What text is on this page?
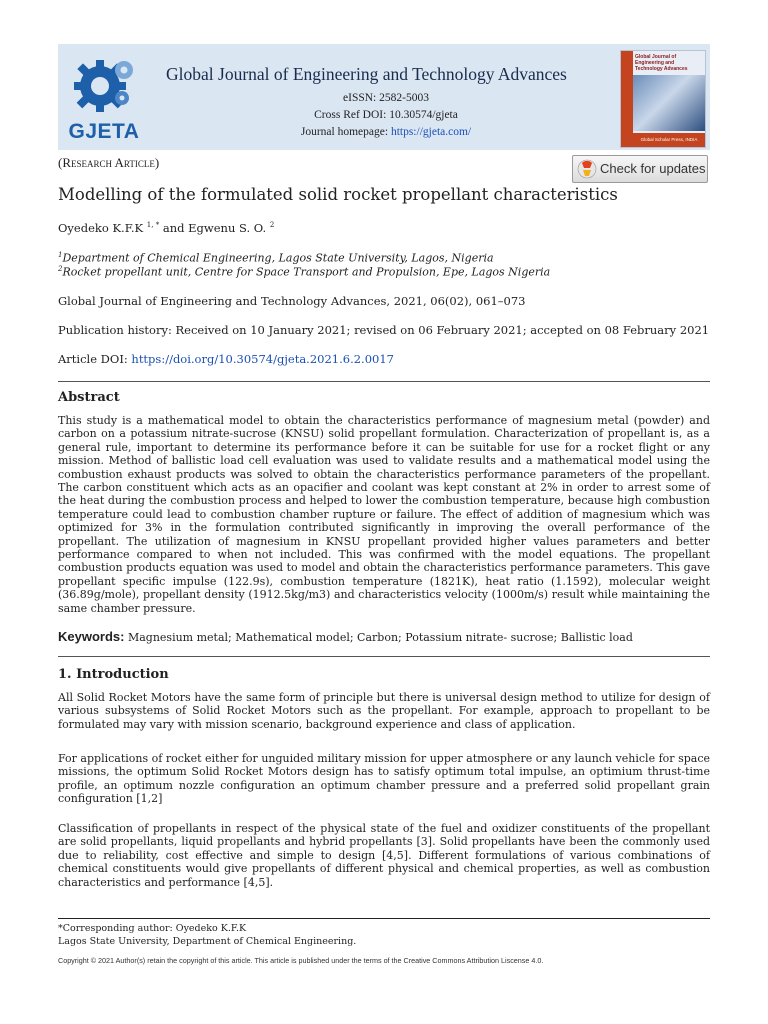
GJETA
Global Journal of Engineering and Technology Advances
eISSN: 2582-5003
Cross Ref DOI: 10.30574/gjeta
Journal homepage: https://gjeta.com/
Global Journal of Engineering and Technology Advances
Global Scholar Press, INDIA
(Research Article)	Check for updates
Modelling of the formulated solid rocket propellant characteristics
Oyedeko K.F.K $^{1, *}$ and Egwenu S. O. $^2$
$^1$Department of Chemical Engineering, Lagos State University, Lagos, Nigeria
$^2$Rocket propellant unit, Centre for Space Transport and Propulsion, Epe, Lagos Nigeria
Global Journal of Engineering and Technology Advances, 2021, 06(02), 061–073
Publication history: Received on 10 January 2021; revised on 06 February 2021; accepted on 08 February 2021
Article DOI: https://doi.org/10.30574/gjeta.2021.6.2.0017
Abstract
This study is a mathematical model to obtain the characteristics performance of magnesium metal (powder) and carbon on a potassium nitrate-sucrose (KNSU) solid propellant formulation. Characterization of propellant is, as a general rule, important to determine its performance before it can be suitable for use for a rocket flight or any mission. Method of ballistic load cell evaluation was used to validate results and a mathematical model using the combustion exhaust products was solved to obtain the characteristics performance parameters of the propellant. The carbon constituent which acts as an opacifier and coolant was kept constant at 2% in order to arrest some of the heat during the combustion process and helped to lower the combustion temperature, because high combustion temperature could lead to combustion chamber rupture or failure. The effect of addition of magnesium which was optimized for 3% in the formulation contributed significantly in improving the overall performance of the propellant. The utilization of magnesium in KNSU propellant provided higher values parameters and better performance compared to when not included. This was confirmed with the model equations. The propellant combustion products equation was used to model and obtain the characteristics performance parameters. This gave propellant specific impulse (122.9s), combustion temperature (1821K), heat ratio (1.1592), molecular weight (36.89g/mole), propellant density (1912.5kg/m3) and characteristics velocity (1000m/s) result while maintaining the same chamber pressure.
Keywords: Magnesium metal; Mathematical model; Carbon; Potassium nitrate- sucrose; Ballistic load
1. Introduction
All Solid Rocket Motors have the same form of principle but there is universal design method to utilize for design of various subsystems of Solid Rocket Motors such as the propellant. For example, approach to propellant to be formulated may vary with mission scenario, background experience and class of application.
For applications of rocket either for unguided military mission for upper atmosphere or any launch vehicle for space missions, the optimum Solid Rocket Motors design has to satisfy optimum total impulse, an optimium thrust-time profile, an optimum nozzle configuration an optimum chamber pressure and a preferred solid propellant grain configuration [1,2]
Classification of propellants in respect of the physical state of the fuel and oxidizer constituents of the propellant are solid propellants, liquid propellants and hybrid propellants [3]. Solid propellants have been the commonly used due to reliability, cost effective and simple to design [4,5]. Different formulations of various combinations of chemical constituents would give propellants of different physical and chemical properties, as well as combustion characteristics and performance [4,5].
*Corresponding author: Oyedeko K.F.K
Lagos State University, Department of Chemical Engineering.
Copyright © 2021 Author(s) retain the copyright of this article. This article is published under the terms of the Creative Commons Attribution Liscense 4.0.
